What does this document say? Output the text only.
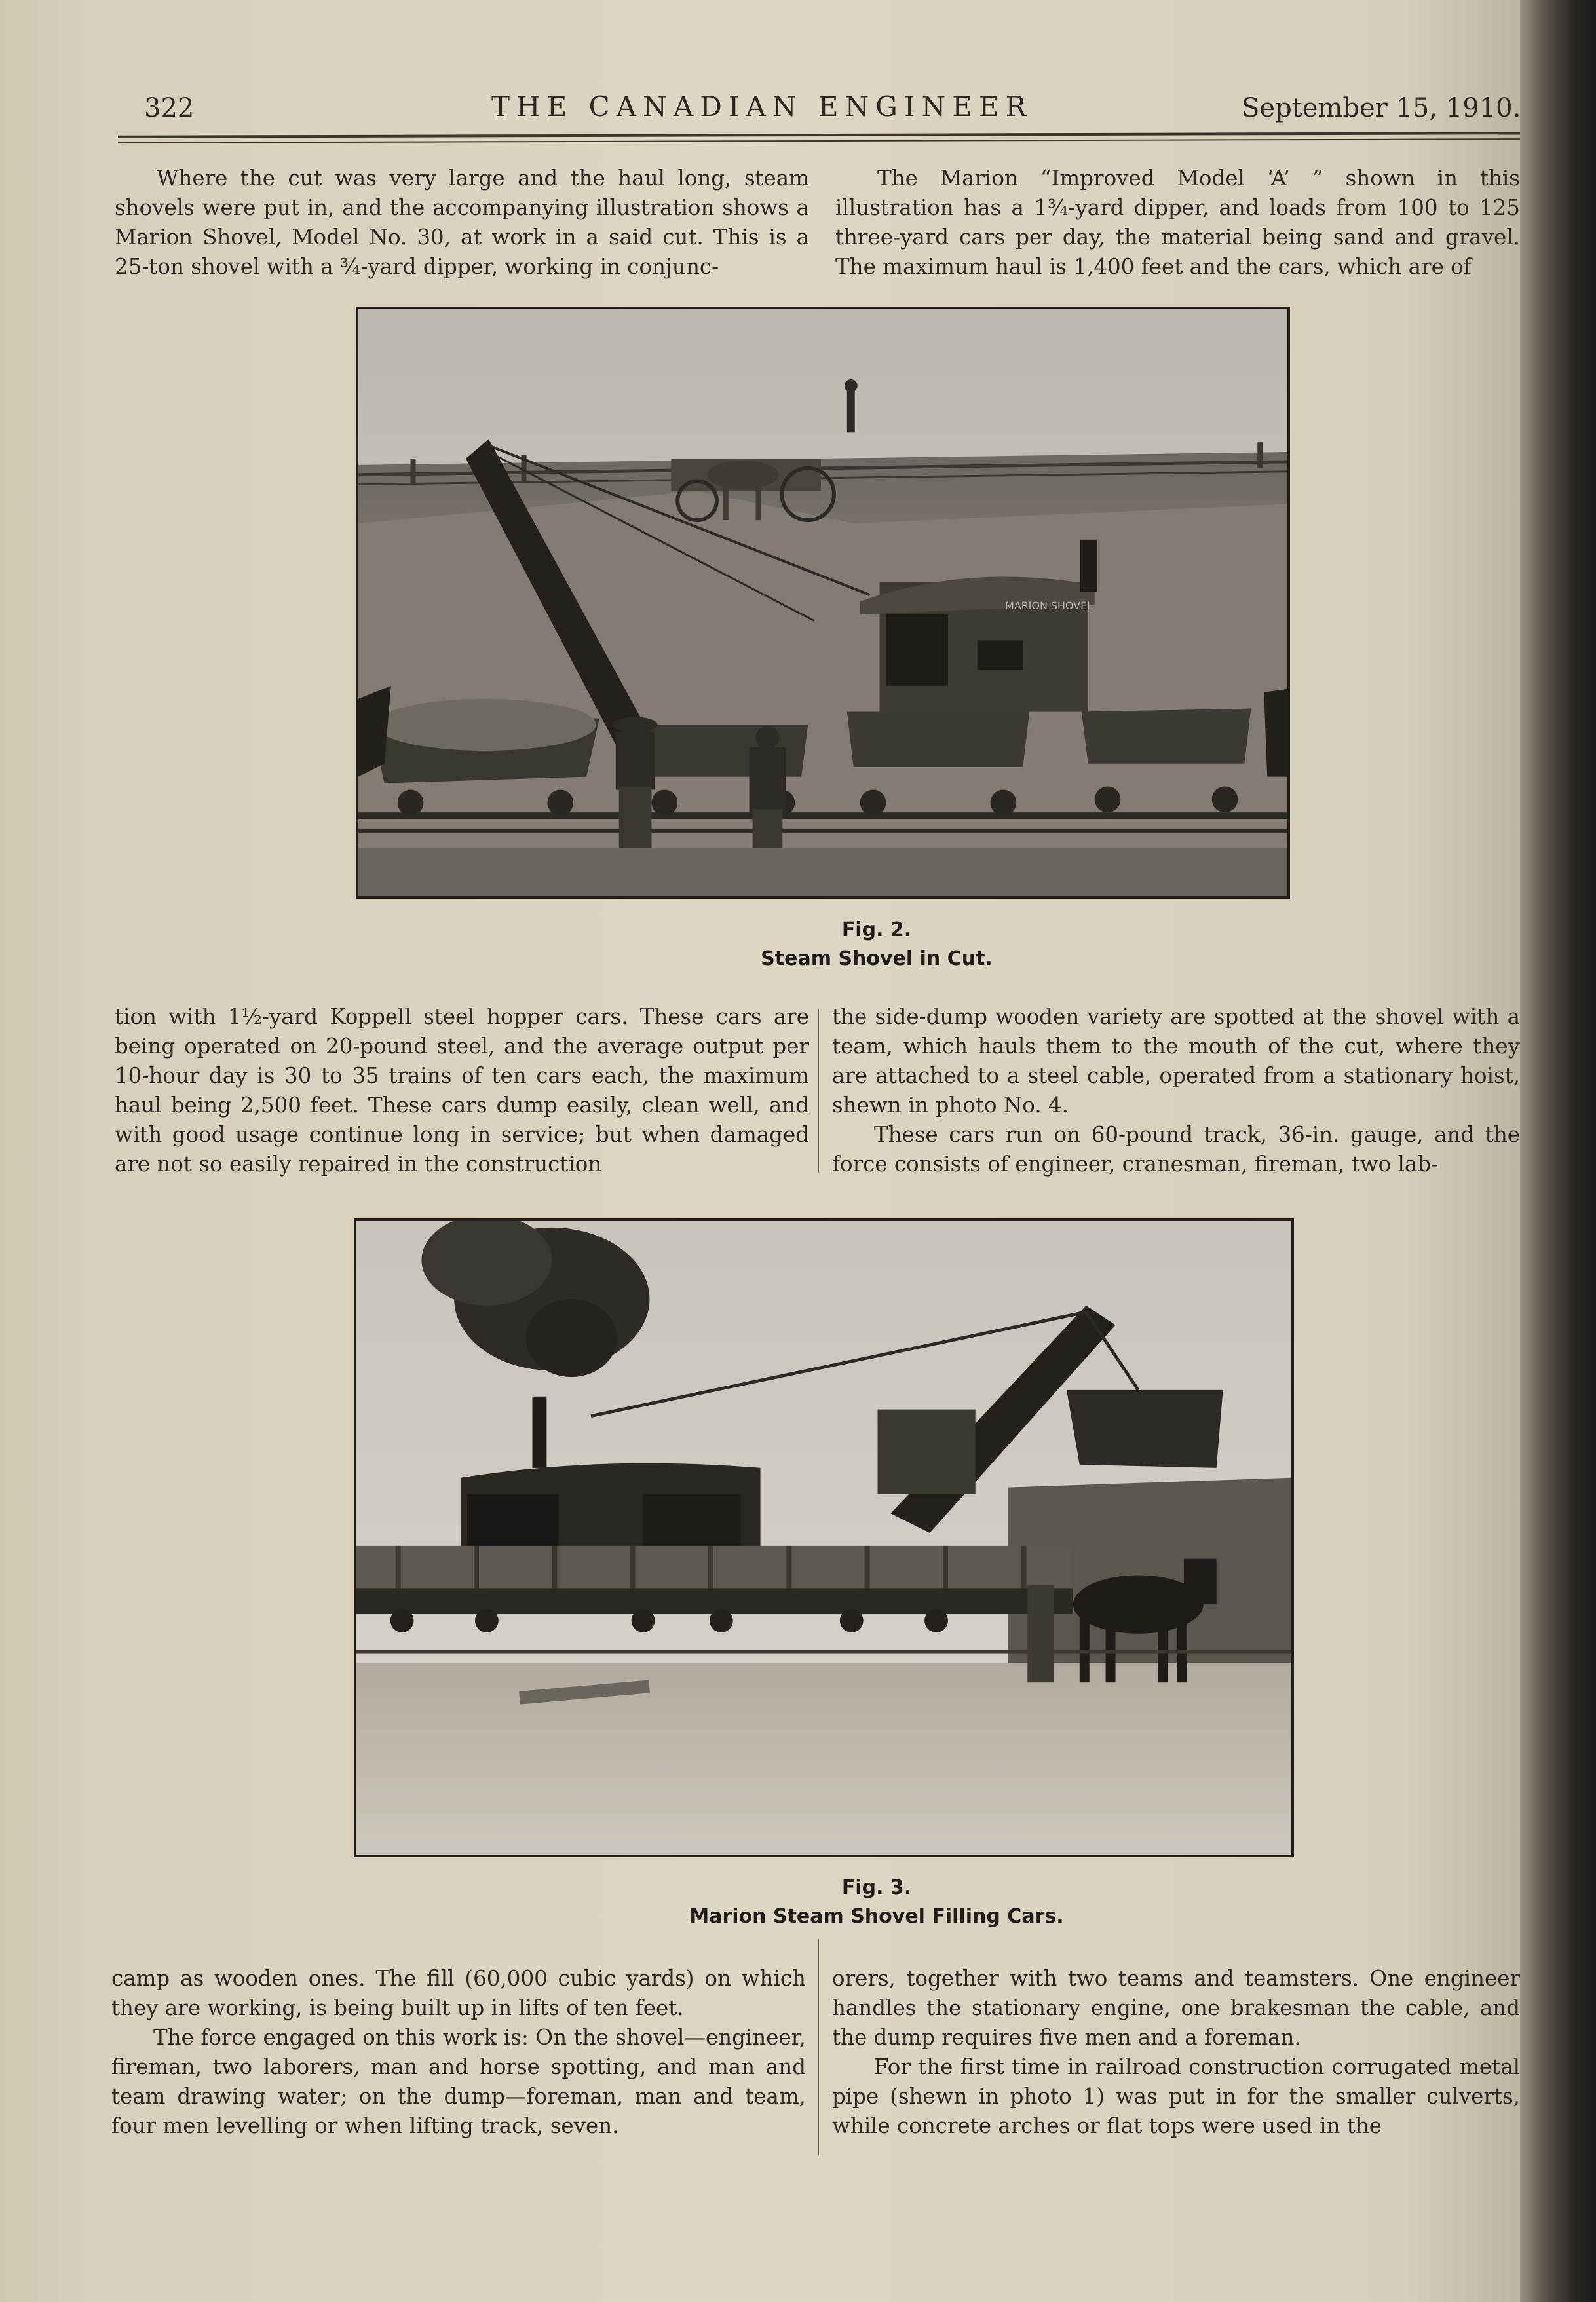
322	THE CANADIAN ENGINEER	September 15, 1910.

Where the cut was very large and the haul long, steam shovels were put in, and the accompanying illustration shows a Marion Shovel, Model No. 30, at work in a said cut. This is a 25-ton shovel with a ¾-yard dipper, working in conjunc-

The Marion “Improved Model ‘A’ ” shown in this illustration has a 1¾-yard dipper, and loads from 100 to 125 three-yard cars per day, the material being sand and gravel. The maximum haul is 1,400 feet and the cars, which are of

MARION SHOVEL
Fig. 2.
Steam Shovel in Cut.

tion with 1½-yard Koppell steel hopper cars. These cars are being operated on 20-pound steel, and the average output per 10-hour day is 30 to 35 trains of ten cars each, the maximum haul being 2,500 feet. These cars dump easily, clean well, and with good usage continue long in service; but when damaged are not so easily repaired in the construction

the side-dump wooden variety are spotted at the shovel with a team, which hauls them to the mouth of the cut, where they are attached to a steel cable, operated from a stationary hoist, shewn in photo No. 4.

These cars run on 60-pound track, 36-in. gauge, and the force consists of engineer, cranesman, fireman, two lab-

Fig. 3.
Marion Steam Shovel Filling Cars.

camp as wooden ones. The fill (60,000 cubic yards) on which they are working, is being built up in lifts of ten feet.

The force engaged on this work is: On the shovel—engineer, fireman, two laborers, man and horse spotting, and man and team drawing water; on the dump—foreman, man and team, four men levelling or when lifting track, seven.

orers, together with two teams and teamsters. One engineer handles the stationary engine, one brakesman the cable, and the dump requires five men and a foreman.

For the first time in railroad construction corrugated metal pipe (shewn in photo 1) was put in for the smaller culverts, while concrete arches or flat tops were used in the
